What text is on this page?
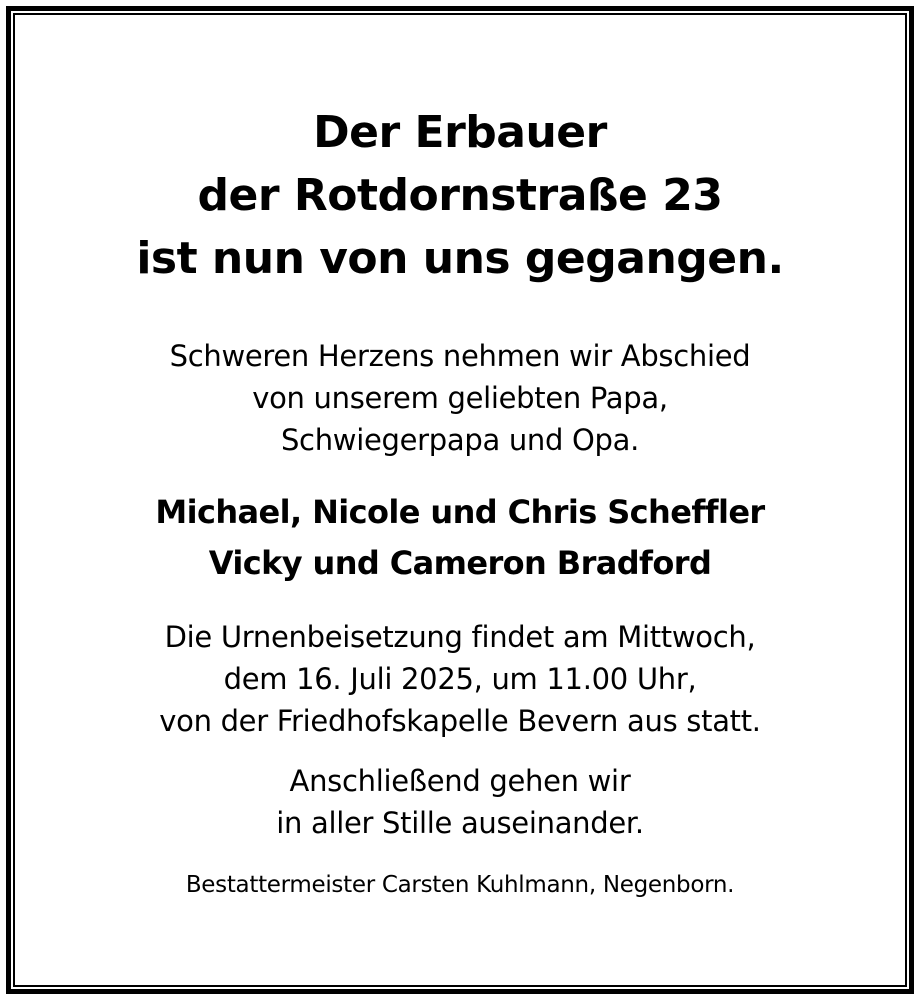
Der Erbauer
der Rotdornstraße 23
ist nun von uns gegangen.
Schweren Herzens nehmen wir Abschied
von unserem geliebten Papa,
Schwiegerpapa und Opa.
Michael, Nicole und Chris Scheffler
Vicky und Cameron Bradford
Die Urnenbeisetzung findet am Mittwoch,
dem 16. Juli 2025, um 11.00 Uhr,
von der Friedhofskapelle Bevern aus statt.
Anschließend gehen wir
in aller Stille auseinander.
Bestattermeister Carsten Kuhlmann, Negenborn.
